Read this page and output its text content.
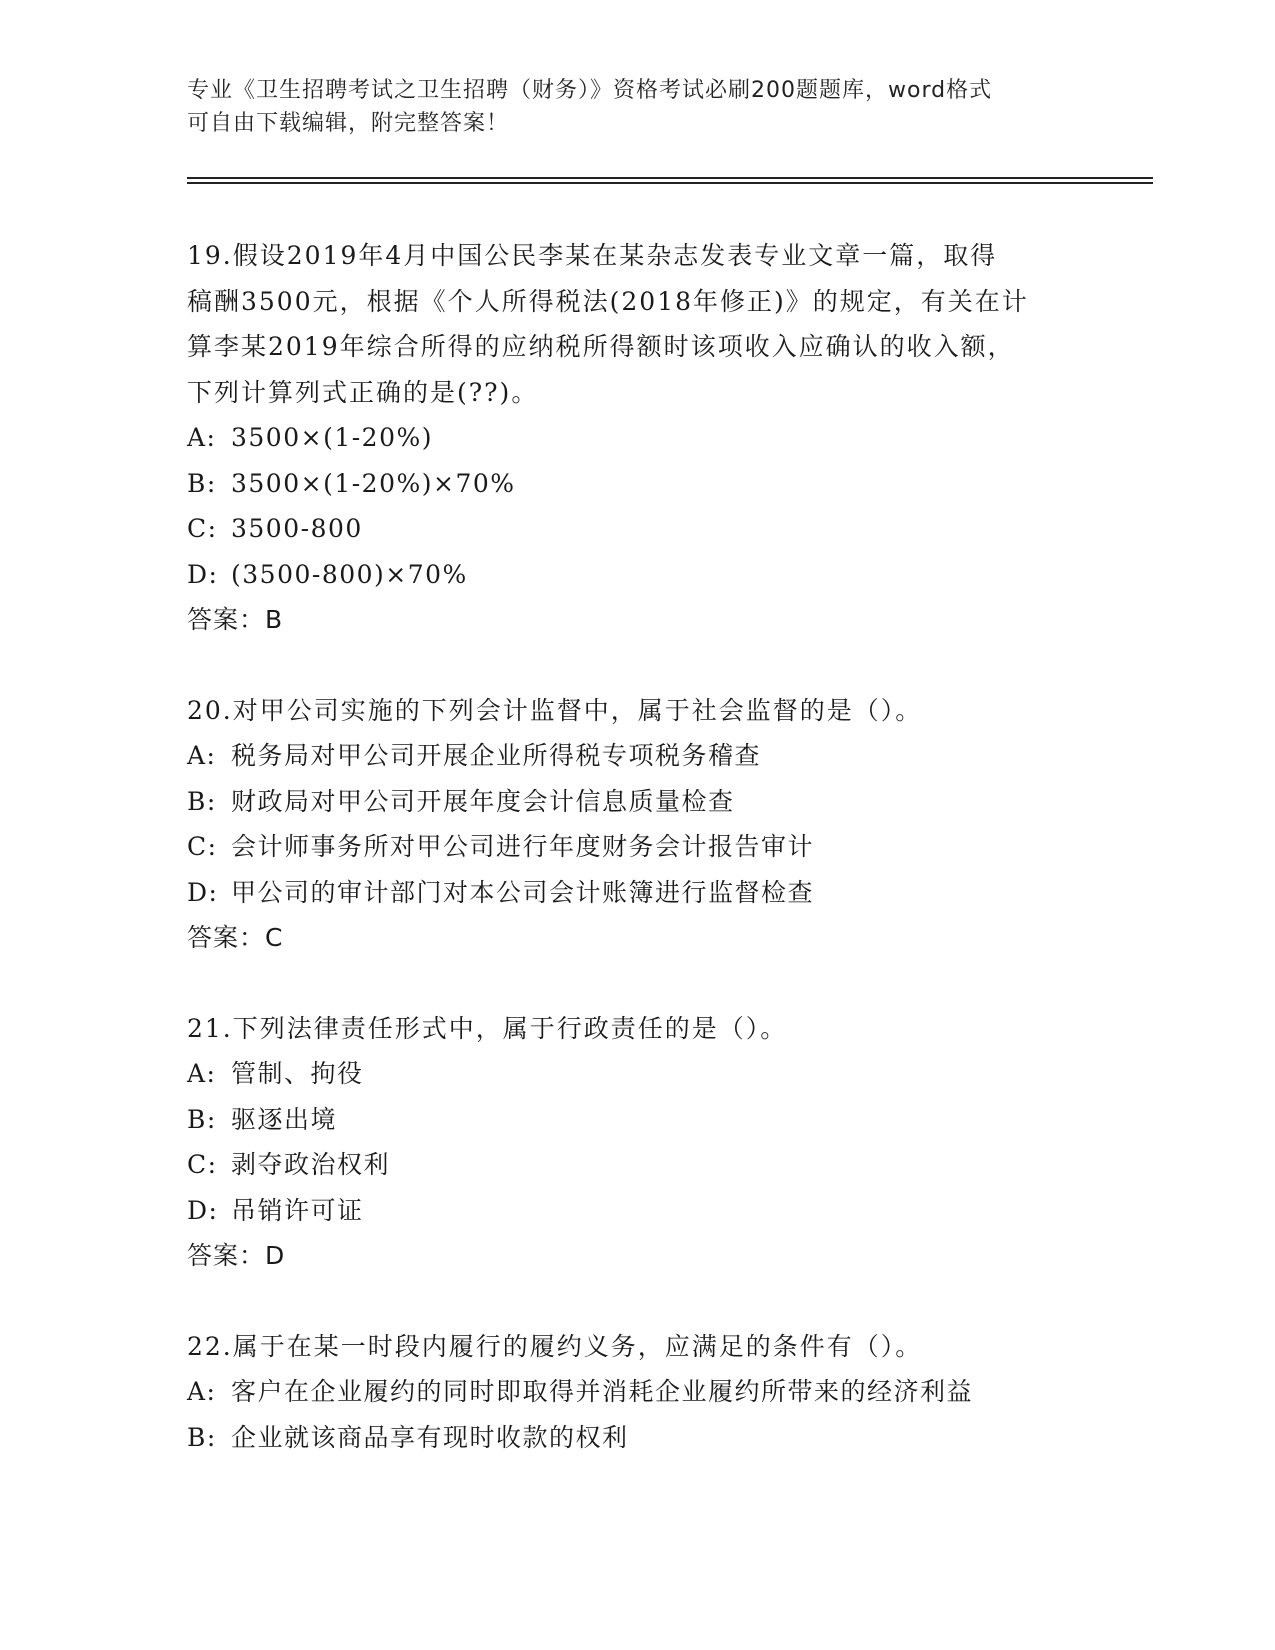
专业《卫生招聘考试之卫生招聘（财务）》资格考试必刷200题题库，word格式
可自由下载编辑，附完整答案！
19.假设2019年4月中国公民李某在某杂志发表专业文章一篇，取得
稿酬3500元，根据《个人所得税法(2018年修正)》的规定，有关在计
算李某2019年综合所得的应纳税所得额时该项收入应确认的收入额，
下列计算列式正确的是(??)。
A: 3500×(1-20%)
B: 3500×(1-20%)×70%
C: 3500-800
D: (3500-800)×70%
答案：B
20.对甲公司实施的下列会计监督中，属于社会监督的是（）。
A: 税务局对甲公司开展企业所得税专项税务稽查
B: 财政局对甲公司开展年度会计信息质量检查
C: 会计师事务所对甲公司进行年度财务会计报告审计
D: 甲公司的审计部门对本公司会计账簿进行监督检查
答案：C
21.下列法律责任形式中，属于行政责任的是（）。
A: 管制、拘役
B: 驱逐出境
C: 剥夺政治权利
D: 吊销许可证
答案：D
22.属于在某一时段内履行的履约义务，应满足的条件有（）。
A: 客户在企业履约的同时即取得并消耗企业履约所带来的经济利益
B: 企业就该商品享有现时收款的权利
